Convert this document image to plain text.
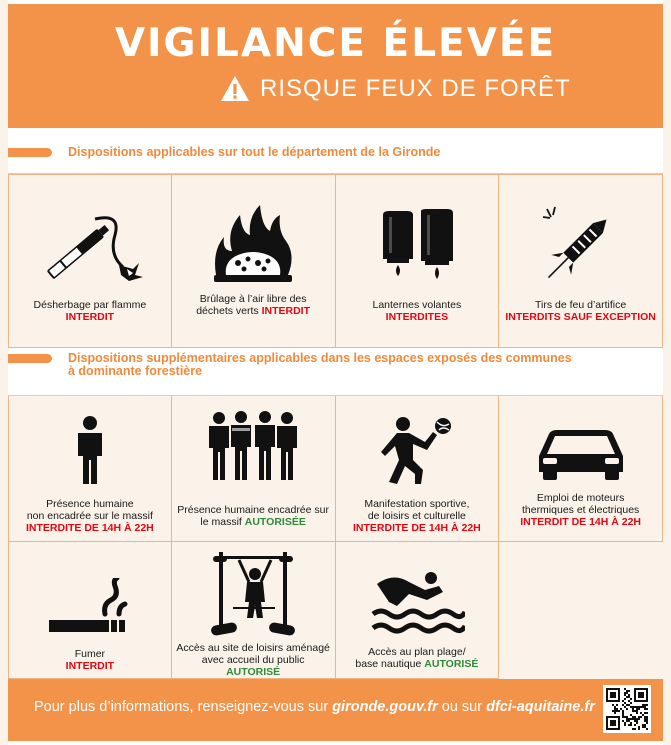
VIGILANCE ÉLEVÉE
RISQUE FEUX DE FORÊT
Dispositions applicables sur tout le département de la Gironde
Désherbage par flamme
INTERDIT
Brûlage à l’air libre des
déchets verts INTERDIT	Lanternes volantes
INTERDITES
Tirs de feu d’artifice
INTERDITS SAUF EXCEPTION
Dispositions supplémentaires applicables dans les espaces exposés des communes
à dominante forestière
Présence humaine
non encadrée sur le massif
INTERDITE DE 14H À 22H
Présence humaine encadrée sur
le massif AUTORISÉE
Manifestation sportive,
de loisirs et culturelle
INTERDITE DE 14H À 22H
Emploi de moteurs
thermiques et électriques
INTERDIT DE 14H À 22H
Fumer
INTERDIT
Accès au site de loisirs aménagé
avec accueil du public
AUTORISÉ
Accès au plan plage/
base nautique AUTORISÉ
Pour plus d’informations, renseignez-vous sur gironde.gouv.fr ou sur dfci-aquitaine.fr
